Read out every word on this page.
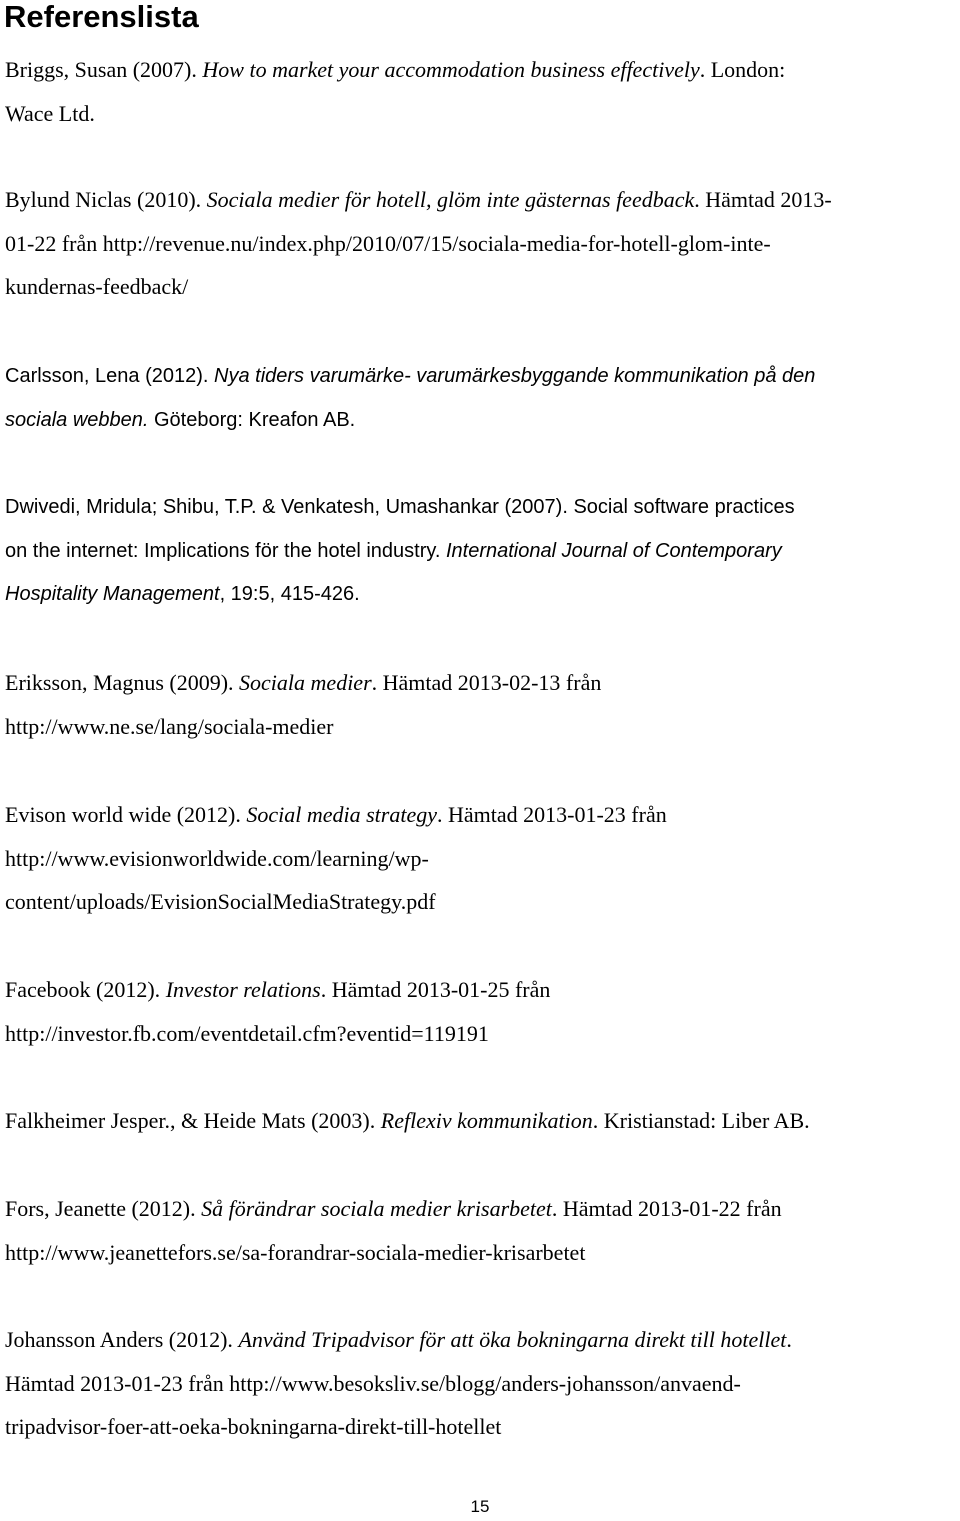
Referenslista

Briggs, Susan (2007). How to market your accommodation business effectively. London:
Wace Ltd.

Bylund Niclas (2010). Sociala medier för hotell, glöm inte gästernas feedback. Hämtad 2013-
01-22 från http://revenue.nu/index.php/2010/07/15/sociala-media-for-hotell-glom-inte-
kundernas-feedback/

Carlsson, Lena (2012). Nya tiders varumärke- varumärkesbyggande kommunikation på den
sociala webben. Göteborg: Kreafon AB.

Dwivedi, Mridula; Shibu, T.P. & Venkatesh, Umashankar (2007). Social software practices
on the internet: Implications för the hotel industry. International Journal of Contemporary
Hospitality Management, 19:5, 415-426.

Eriksson, Magnus (2009). Sociala medier. Hämtad 2013-02-13 från
http://www.ne.se/lang/sociala-medier

Evison world wide (2012). Social media strategy. Hämtad 2013-01-23 från
http://www.evisionworldwide.com/learning/wp-
content/uploads/EvisionSocialMediaStrategy.pdf

Facebook (2012). Investor relations. Hämtad 2013-01-25 från
http://investor.fb.com/eventdetail.cfm?eventid=119191

Falkheimer Jesper., & Heide Mats (2003). Reflexiv kommunikation. Kristianstad: Liber AB.

Fors, Jeanette (2012). Så förändrar sociala medier krisarbetet. Hämtad 2013-01-22 från
http://www.jeanettefors.se/sa-forandrar-sociala-medier-krisarbetet

Johansson Anders (2012). Använd Tripadvisor för att öka bokningarna direkt till hotellet.
Hämtad 2013-01-23 från http://www.besoksliv.se/blogg/anders-johansson/anvaend-
tripadvisor-foer-att-oeka-bokningarna-direkt-till-hotellet

15
